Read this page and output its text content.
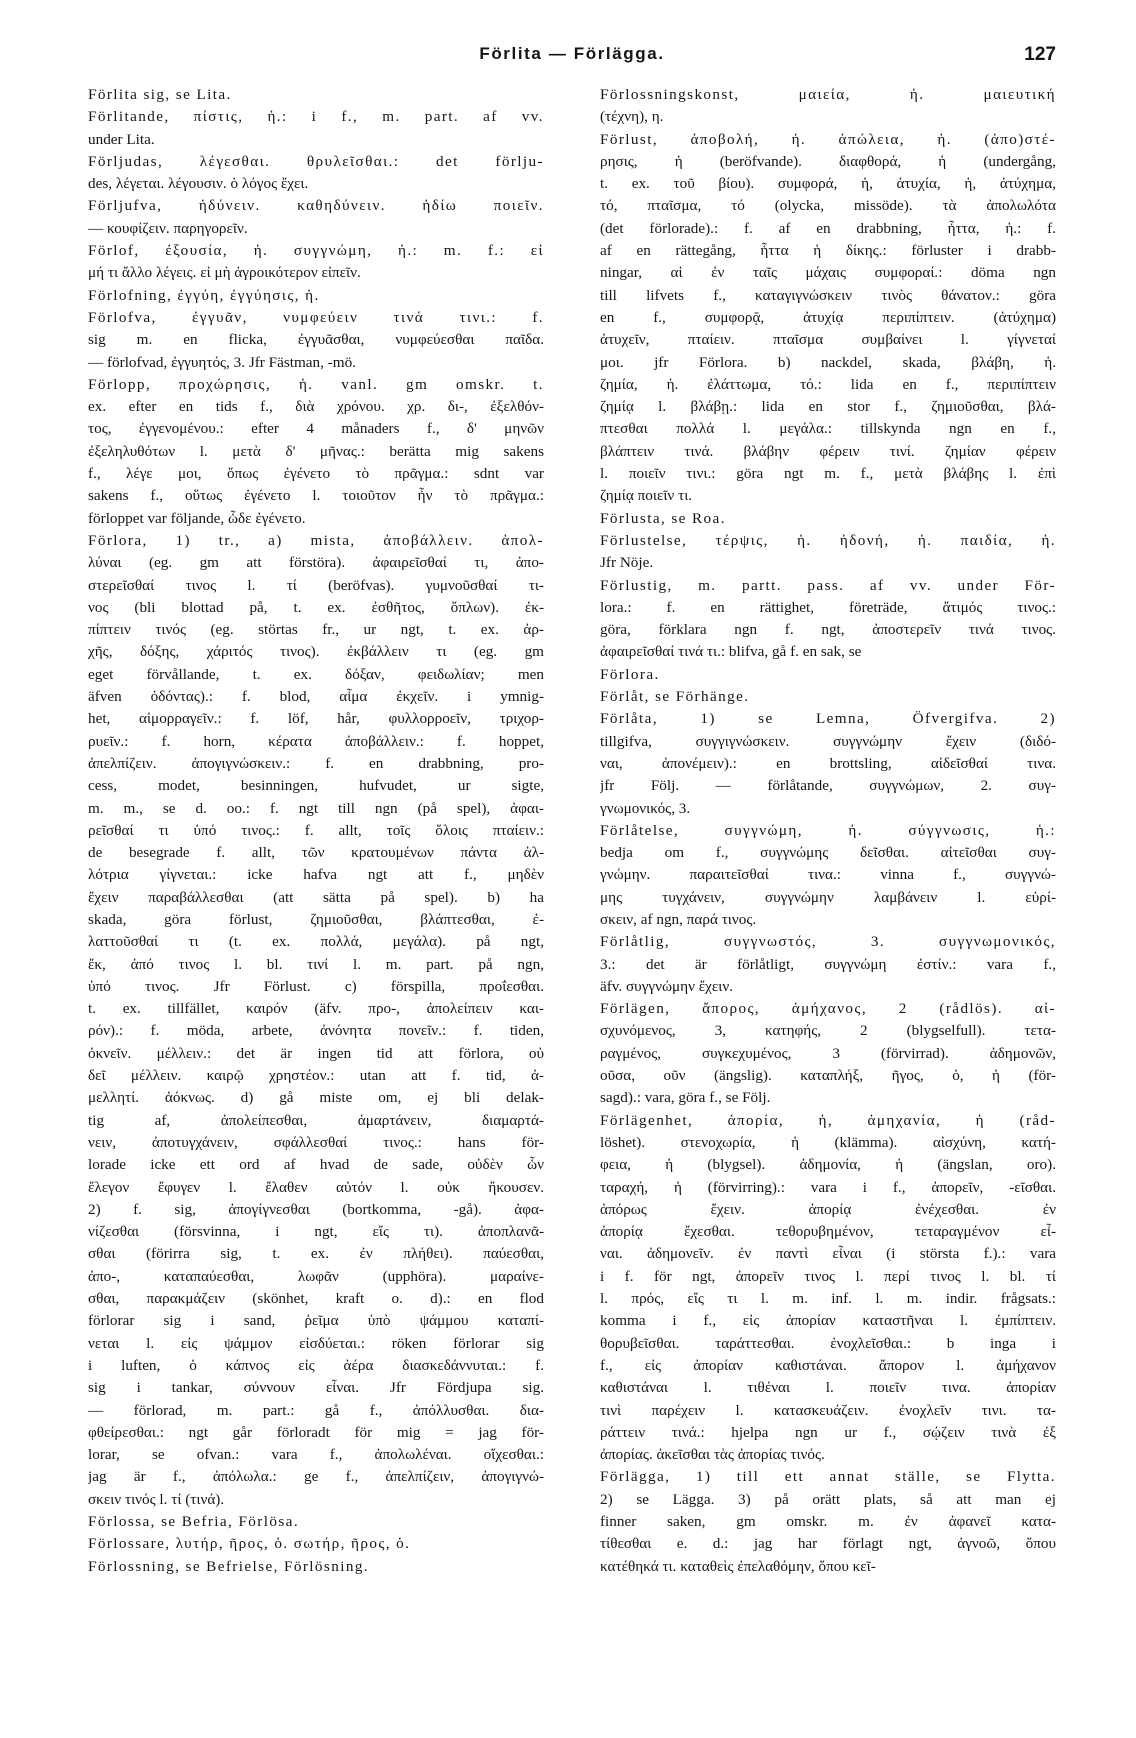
Förlita — Förlägga.	127
Förlita sig, se Lita.
Förlitande, πίστις, ἡ.: i f., m. part. af vv.
under Lita.
Förljudas, λέγεσθαι. θρυλεῖσθαι.: det förlju-
des, λέγεται. λέγουσιν. ὁ λόγος ἔχει.
Förljufva, ἡδύνειν. καθηδύνειν. ἡδίω ποιεῖν.
— κουφίζειν. παρηγορεῖν.
Förlof, ἐξουσία, ἡ. συγγνώμη, ἡ.: m. f.: εἰ
μή τι ἄλλο λέγεις. εἰ μὴ ἀγροικότερον εἰπεῖν.
Förlofning, ἐγγύη, ἐγγύησις, ἡ.
Förlofva, ἐγγυᾶν, νυμφεύειν τινά τινι.: f.
sig m. en flicka, ἐγγυᾶσθαι, νυμφεύεσθαι παῖδα.
— förlofvad, ἐγγυητός, 3. Jfr Fästman, -mö.
Förlopp, προχώρησις, ἡ. vanl. gm omskr. t.
ex. efter en tids f., διὰ χρόνου. χρ. δι-, ἐξελθόν-
τος, ἐγγενομένου.: efter 4 månaders f., δ' μηνῶν
ἐξεληλυθότων l. μετὰ δ' μῆνας.: berätta mig sakens
f., λέγε μοι, ὅπως ἐγένετο τὸ πρᾶγμα.: sdnt var
sakens f., οὕτως ἐγένετο l. τοιοῦτον ἦν τὸ πρᾶγμα.:
förloppet var följande, ὧδε ἐγένετο.
Förlora, 1) tr., a) mista, ἀποβάλλειν. ἀπολ-
λύναι (eg. gm att förstöra). ἀφαιρεῖσθαί τι, ἀπο-
στερεῖσθαί τινος l. τί (beröfvas). γυμνοῦσθαί τι-
νος (bli blottad på, t. ex. ἐσθῆτος, ὅπλων). ἐκ-
πίπτειν τινός (eg. störtas fr., ur ngt, t. ex. ἀρ-
χῆς, δόξης, χάριτός τινος). ἐκβάλλειν τι (eg. gm
eget förvållande, t. ex. δόξαν, φειδωλίαν; men
äfven ὀδόντας).: f. blod, αἷμα ἐκχεῖν. i ymnig-
het, αἱμορραγεῖν.: f. löf, hår, φυλλορροεῖν, τριχορ-
ρυεῖν.: f. horn, κέρατα ἀποβάλλειν.: f. hoppet,
ἀπελπίζειν. ἀπογιγνώσκειν.: f. en drabbning, pro-
cess, modet, besinningen, hufvudet, ur sigte,
m. m., se d. oo.: f. ngt till ngn (på spel), ἀφαι-
ρεῖσθαί τι ὑπό τινος.: f. allt, τοῖς ὅλοις πταίειν.:
de besegrade f. allt, τῶν κρατουμένων πάντα ἀλ-
λότρια γίγνεται.: icke hafva ngt att f., μηδὲν
ἔχειν παραβάλλεσθαι (att sätta på spel). b) ha
skada, göra förlust, ζημιοῦσθαι, βλάπτεσθαι, ἐ-
λαττοῦσθαί τι (t. ex. πολλά, μεγάλα). på ngt,
ἔκ, ἀπό τινος l. bl. τινί l. m. part. på ngn,
ὑπό τινος. Jfr Förlust. c) förspilla, προΐεσθαι.
t. ex. tillfället, καιρόν (äfv. προ-, ἀπολείπειν και-
ρόν).: f. möda, arbete, ἀνόνητα πονεῖν.: f. tiden,
ὀκνεῖν. μέλλειν.: det är ingen tid att förlora, οὐ
δεῖ μέλλειν. καιρῷ χρηστέον.: utan att f. tid, ἀ-
μελλητί. ἀόκνως. d) gå miste om, ej bli delak-
tig af, ἀπολείπεσθαι, ἁμαρτάνειν, διαμαρτά-
νειν, ἀποτυγχάνειν, σφάλλεσθαί τινος.: hans för-
lorade icke ett ord af hvad de sade, οὐδὲν ὧν
ἔλεγον ἔφυγεν l. ἔλαθεν αὐτόν l. οὐκ ἤκουσεν.
2) f. sig, ἀπογίγνεσθαι (bortkomma, -gå). ἀφα-
νίζεσθαι (försvinna, i ngt, εἴς τι). ἀποπλανᾶ-
σθαι (förirra sig, t. ex. ἐν πλήθει). παύεσθαι,
ἀπο-, καταπαύεσθαι, λωφᾶν (upphöra). μαραίνε-
σθαι, παρακμάζειν (skönhet, kraft o. d).: en flod
förlorar sig i sand, ῥεῖμα ὑπὸ ψάμμου καταπί-
νεται l. εἰς ψάμμον εἰσδύεται.: röken förlorar sig
i luften, ὁ κάπνος εἰς ἀέρα διασκεδάννυται.: f.
sig i tankar, σύννουν εἶναι. Jfr Fördjupa sig.
— förlorad, m. part.: gå f., ἀπόλλυσθαι. δια-
φθείρεσθαι.: ngt går förloradt för mig = jag för-
lorar, se ofvan.: vara f., ἀπολωλέναι. οἴχεσθαι.:
jag är f., ἀπόλωλα.: ge f., ἀπελπίζειν, ἀπογιγνώ-
σκειν τινός l. τί (τινά).
Förlossa, se Befria, Förlösa.
Förlossare, λυτήρ, ῆρος, ὁ. σωτήρ, ῆρος, ὁ.
Förlossning, se Befrielse, Förlösning.
Förlossningskonst, μαιεία, ἡ. μαιευτική
(τέχνη), η.
Förlust, ἀποβολή, ἡ. ἀπώλεια, ἡ. (ἀπο)στέ-
ρησις, ἡ (beröfvande). διαφθορά, ἡ (undergång,
t. ex. τοῦ βίου). συμφορά, ἡ, ἀτυχία, ἡ, ἀτύχημα,
τό, πταῖσμα, τό (olycka, missöde). τὰ ἀπολωλότα
(det förlorade).: f. af en drabbning, ἧττα, ἡ.: f.
af en rättegång, ἧττα ἡ δίκης.: förluster i drabb-
ningar, αἱ ἐν ταῖς μάχαις συμφοραί.: döma ngn
till lifvets f., καταγιγνώσκειν τινὸς θάνατον.: göra
en f., συμφορᾷ, ἀτυχίᾳ περιπίπτειν. (ἀτύχημα)
ἀτυχεῖν, πταίειν. πταῖσμα συμβαίνει l. γίγνεταί
μοι. jfr Förlora. b) nackdel, skada, βλάβη, ἡ.
ζημία, ἡ. ἐλάττωμα, τό.: lida en f., περιπίπτειν
ζημίᾳ l. βλάβῃ.: lida en stor f., ζημιοῦσθαι, βλά-
πτεσθαι πολλά l. μεγάλα.: tillskynda ngn en f.,
βλάπτειν τινά. βλάβην φέρειν τινί. ζημίαν φέρειν
l. ποιεῖν τινι.: göra ngt m. f., μετὰ βλάβης l. ἐπὶ
ζημίᾳ ποιεῖν τι.
Förlusta, se Roa.
Förlustelse, τέρψις, ἡ. ἡδονή, ἡ. παιδία, ἡ.
Jfr Nöje.
Förlustig, m. partt. pass. af vv. under För-
lora.: f. en rättighet, företräde, ἄτιμός τινος.:
göra, förklara ngn f. ngt, ἀποστερεῖν τινά τινος.
ἀφαιρεῖσθαί τινά τι.: blifva, gå f. en sak, se
Förlora.
Förlåt, se Förhänge.
Förlåta, 1) se Lemna, Öfvergifva. 2)
tillgifva, συγγιγνώσκειν. συγγνώμην ἔχειν (διδό-
ναι, ἀπονέμειν).: en brottsling, αἰδεῖσθαί τινα.
jfr Följ. — förlåtande, συγγνώμων, 2. συγ-
γνωμονικός, 3.
Förlåtelse, συγγνώμη, ἡ. σύγγνωσις, ἡ.:
bedja om f., συγγνώμης δεῖσθαι. αἰτεῖσθαι συγ-
γνώμην. παραιτεῖσθαί τινα.: vinna f., συγγνώ-
μης τυγχάνειν, συγγνώμην λαμβάνειν l. εὑρί-
σκειν, af ngn, παρά τινος.
Förlåtlig, συγγνωστός, 3. συγγνωμονικός,
3.: det är förlåtligt, συγγνώμη ἐστίν.: vara f.,
äfv. συγγνώμην ἔχειν.
Förlägen, ἄπορος, ἀμήχανος, 2 (rådlös). αἰ-
σχυνόμενος, 3, κατηφής, 2 (blygselfull). τετα-
ραγμένος, συγκεχυμένος, 3 (förvirrad). ἀδημονῶν,
οῦσα, οῦν (ängslig). καταπλήξ, ῆγος, ὁ, ἡ (för-
sagd).: vara, göra f., se Följ.
Förlägenhet, ἀπορία, ἡ, ἀμηχανία, ἡ (råd-
löshet). στενοχωρία, ἡ (klämma). αἰσχύνη, κατή-
φεια, ἡ (blygsel). ἀδημονία, ἡ (ängslan, oro).
ταραχή, ἡ (förvirring).: vara i f., ἀπορεῖν, -εῖσθαι.
ἀπόρως ἔχειν. ἀπορίᾳ ἐνέχεσθαι. ἐν
ἀπορίᾳ ἔχεσθαι. τεθορυβημένον, τεταραγμένον εἶ-
ναι. ἀδημονεῖν. ἐν παντὶ εἶναι (i största f.).: vara
i f. för ngt, ἀπορεῖν τινος l. περί τινος l. bl. τί
l. πρός, εἴς τι l. m. inf. l. m. indir. frågsats.:
komma i f., εἰς ἀπορίαν καταστῆναι l. ἐμπίπτειν.
θορυβεῖσθαι. ταράττεσθαι. ἐνοχλεῖσθαι.: b inga i
f., εἰς ἀπορίαν καθιστάναι. ἄπορον l. ἀμήχανον
καθιστάναι l. τιθέναι l. ποιεῖν τινα. ἀπορίαν
τινὶ παρέχειν l. κατασκευάζειν. ἐνοχλεῖν τινι. τα-
ράττειν τινά.: hjelpa ngn ur f., σῴζειν τινὰ ἐξ
ἀπορίας. ἀκεῖσθαι τὰς ἀπορίας τινός.
Förlägga, 1) till ett annat ställe, se Flytta.
2) se Lägga. 3) på orätt plats, så att man ej
finner saken, gm omskr. m. ἐν ἀφανεῖ κατα-
τίθεσθαι e. d.: jag har förlagt ngt, ἀγνοῶ, ὅπου
κατέθηκά τι. καταθεὶς ἐπελαθόμην, ὅπου κεῖ-
